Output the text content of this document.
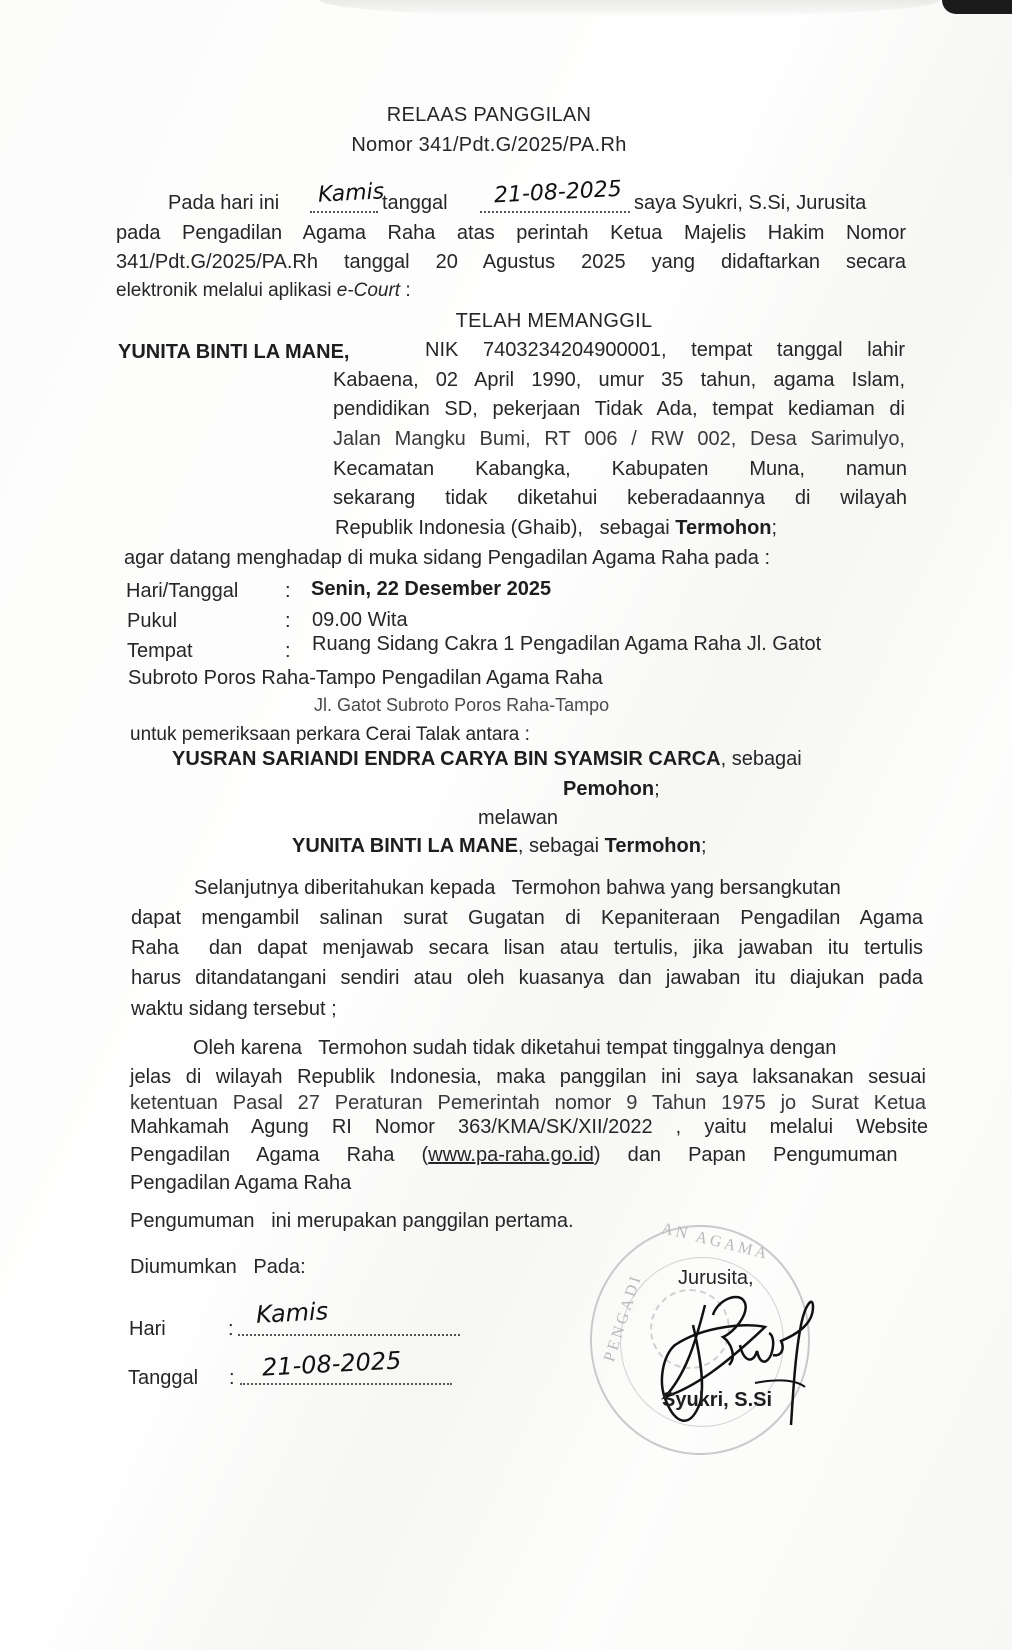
RELAAS PANGGILAN
Nomor 341/Pdt.G/2025/PA.Rh
Pada hari ini Kamis
tanggal 21-08-2025 saya Syukri, S.Si, Jurusita
pada Pengadilan Agama Raha atas perintah Ketua Majelis Hakim Nomor
341/Pdt.G/2025/PA.Rh tanggal 20 Agustus 2025 yang didaftarkan secara
elektronik melalui aplikasi e-Court :
TELAH MEMANGGIL
YUNITA BINTI LA MANE,	NIK 7403234204900001, tempat tanggal lahir
Kabaena, 02 April 1990, umur 35 tahun, agama Islam,
pendidikan SD, pekerjaan Tidak Ada, tempat kediaman di
Jalan Mangku Bumi, RT 006 / RW 002, Desa Sarimulyo,
Kecamatan Kabangka, Kabupaten Muna, namun
sekarang tidak diketahui keberadaannya di wilayah
Republik Indonesia (Ghaib),   sebagai Termohon;
agar datang menghadap di muka sidang Pengadilan Agama Raha pada :
Hari/Tanggal : Senin, 22 Desember 2025
Pukul	: 09.00 Wita
Tempat	: Ruang Sidang Cakra 1 Pengadilan Agama Raha Jl. Gatot
Subroto Poros Raha-Tampo Pengadilan Agama Raha
Jl. Gatot Subroto Poros Raha-Tampo
untuk pemeriksaan perkara Cerai Talak antara :
YUSRAN SARIANDI ENDRA CARYA BIN SYAMSIR CARCA, sebagai
Pemohon;
melawan
YUNITA BINTI LA MANE, sebagai Termohon;
Selanjutnya diberitahukan kepada   Termohon bahwa yang bersangkutan
dapat mengambil salinan surat Gugatan di Kepaniteraan Pengadilan Agama
Raha  dan dapat menjawab secara lisan atau tertulis, jika jawaban itu tertulis
harus ditandatangani sendiri atau oleh kuasanya dan jawaban itu diajukan pada
waktu sidang tersebut ;
Oleh karena   Termohon sudah tidak diketahui tempat tinggalnya dengan
jelas di wilayah Republik Indonesia, maka panggilan ini saya laksanakan sesuai
ketentuan Pasal 27 Peraturan Pemerintah nomor 9 Tahun 1975 jo Surat Ketua
Mahkamah Agung RI Nomor 363/KMA/SK/XII/2022 , yaitu melalui Website
Pengadilan  Agama  Raha  (www.pa-raha.go.id)  dan  Papan  Pengumuman
Pengadilan Agama Raha
Pengumuman   ini merupakan panggilan pertama.
Diumumkan   Pada:
Hari	:
Kamis
Tanggal : 21-08-2025
AN AGAMA
PENGADI Jurusita,
Syukri, S.Si
